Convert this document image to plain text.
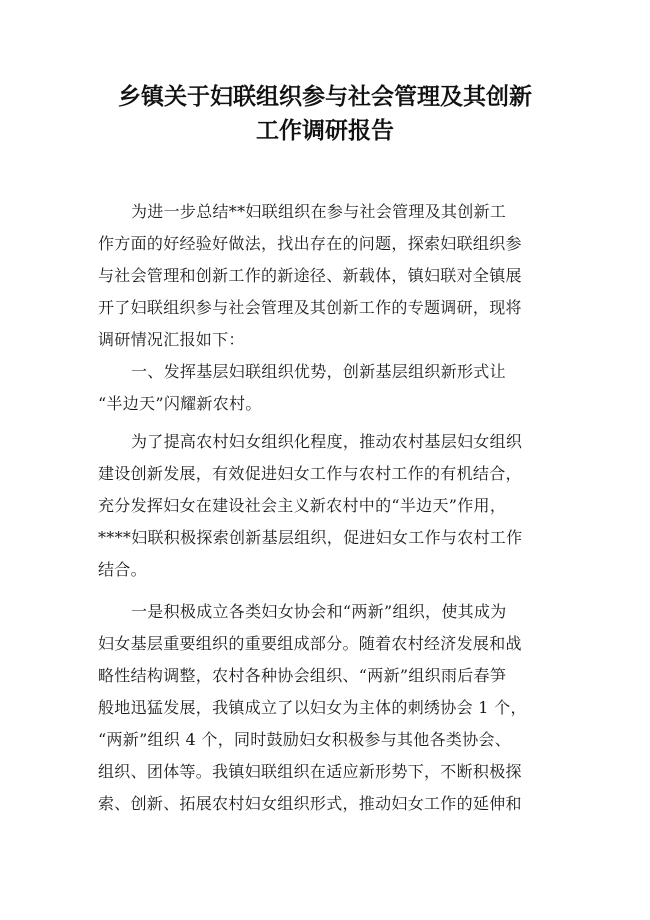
乡镇关于妇联组织参与社会管理及其创新
工作调研报告
为进一步总结**妇联组织在参与社会管理及其创新工
作方面的好经验好做法，找出存在的问题，探索妇联组织参
与社会管理和创新工作的新途径、新载体，镇妇联对全镇展
开了妇联组织参与社会管理及其创新工作的专题调研，现将
调研情况汇报如下：
一、发挥基层妇联组织优势，创新基层组织新形式让
“半边天”闪耀新农村。
为了提高农村妇女组织化程度，推动农村基层妇女组织
建设创新发展，有效促进妇女工作与农村工作的有机结合，
充分发挥妇女在建设社会主义新农村中的“半边天”作用，
****妇联积极探索创新基层组织，促进妇女工作与农村工作
结合。
一是积极成立各类妇女协会和“两新”组织，使其成为
妇女基层重要组织的重要组成部分。随着农村经济发展和战
略性结构调整，农村各种协会组织、“两新”组织雨后春笋
般地迅猛发展，我镇成立了以妇女为主体的刺绣协会 1 个，
“两新”组织 4 个，同时鼓励妇女积极参与其他各类协会、
组织、团体等。我镇妇联组织在适应新形势下，不断积极探
索、创新、拓展农村妇女组织形式，推动妇女工作的延伸和
